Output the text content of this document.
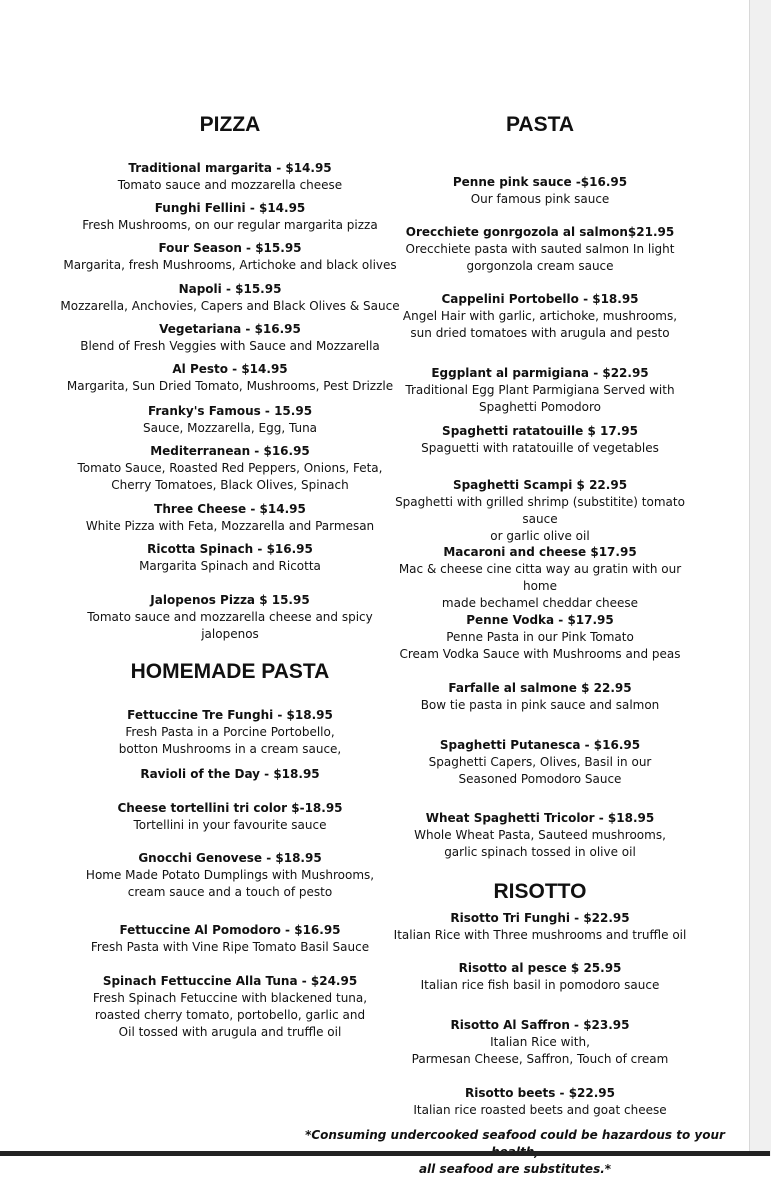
PIZZA	PASTA
HOMEMADE PASTA
RISOTTO
Traditional margarita - $14.95
Tomato sauce and mozzarella cheese
Funghi Fellini - $14.95
Fresh Mushrooms, on our regular margarita pizza
Four Season - $15.95
Margarita, fresh Mushrooms, Artichoke and black olives
Napoli - $15.95
Mozzarella, Anchovies, Capers and Black Olives & Sauce
Vegetariana - $16.95
Blend of Fresh Veggies with Sauce and Mozzarella
Al Pesto - $14.95
Margarita, Sun Dried Tomato, Mushrooms, Pest Drizzle
Franky's Famous - 15.95
Sauce, Mozzarella, Egg, Tuna
Mediterranean - $16.95
Tomato Sauce, Roasted Red Peppers, Onions, Feta,
Cherry Tomatoes, Black Olives, Spinach
Three Cheese - $14.95
White Pizza with Feta, Mozzarella and Parmesan
Ricotta Spinach - $16.95
Margarita Spinach and Ricotta
Jalopenos Pizza $ 15.95
Tomato sauce and mozzarella cheese and spicy
jalopenos
Fettuccine Tre Funghi - $18.95
Fresh Pasta in a Porcine Portobello,
botton Mushrooms in a cream sauce,
Ravioli of the Day - $18.95
Cheese tortellini tri color $-18.95
Tortellini in your favourite sauce
Gnocchi Genovese - $18.95
Home Made Potato Dumplings with Mushrooms,
cream sauce and a touch of pesto
Fettuccine Al Pomodoro - $16.95
Fresh Pasta with Vine Ripe Tomato Basil Sauce
Spinach Fettuccine Alla Tuna - $24.95
Fresh Spinach Fetuccine with blackened tuna,
roasted cherry tomato, portobello, garlic and
Oil tossed with arugula and truffle oil
Penne pink sauce -$16.95
Our famous pink sauce
Orecchiete gonrgozola al salmon$21.95
Orecchiete pasta with sauted salmon In light
gorgonzola cream sauce
Cappelini Portobello - $18.95
Angel Hair with garlic, artichoke, mushrooms,
sun dried tomatoes with arugula and pesto
Eggplant al parmigiana - $22.95
Traditional Egg Plant Parmigiana Served with
Spaghetti Pomodoro
Spaghetti ratatouille $ 17.95
Spaguetti with ratatouille of vegetables
Spaghetti Scampi $ 22.95
Spaghetti with grilled shrimp (substitite) tomato sauce
or garlic olive oil
Macaroni and cheese $17.95
Mac & cheese cine citta way au gratin with our home
made bechamel cheddar cheese
Penne Vodka - $17.95
Penne Pasta in our Pink Tomato
Cream Vodka Sauce with Mushrooms and peas
Farfalle al salmone $ 22.95
Bow tie pasta in pink sauce and salmon
Spaghetti Putanesca - $16.95
Spaghetti Capers, Olives, Basil in our
Seasoned Pomodoro Sauce
Wheat Spaghetti Tricolor - $18.95
Whole Wheat Pasta, Sauteed mushrooms,
garlic spinach tossed in olive oil
Risotto Tri Funghi - $22.95
Italian Rice with Three mushrooms and truffle oil
Risotto al pesce $ 25.95
Italian rice fish basil in pomodoro sauce
Risotto Al Saffron - $23.95
Italian Rice with,
Parmesan Cheese, Saffron, Touch of cream
Risotto beets - $22.95
Italian rice roasted beets and goat cheese
*Consuming undercooked seafood could be hazardous to your
all seafood are substitutes.*
